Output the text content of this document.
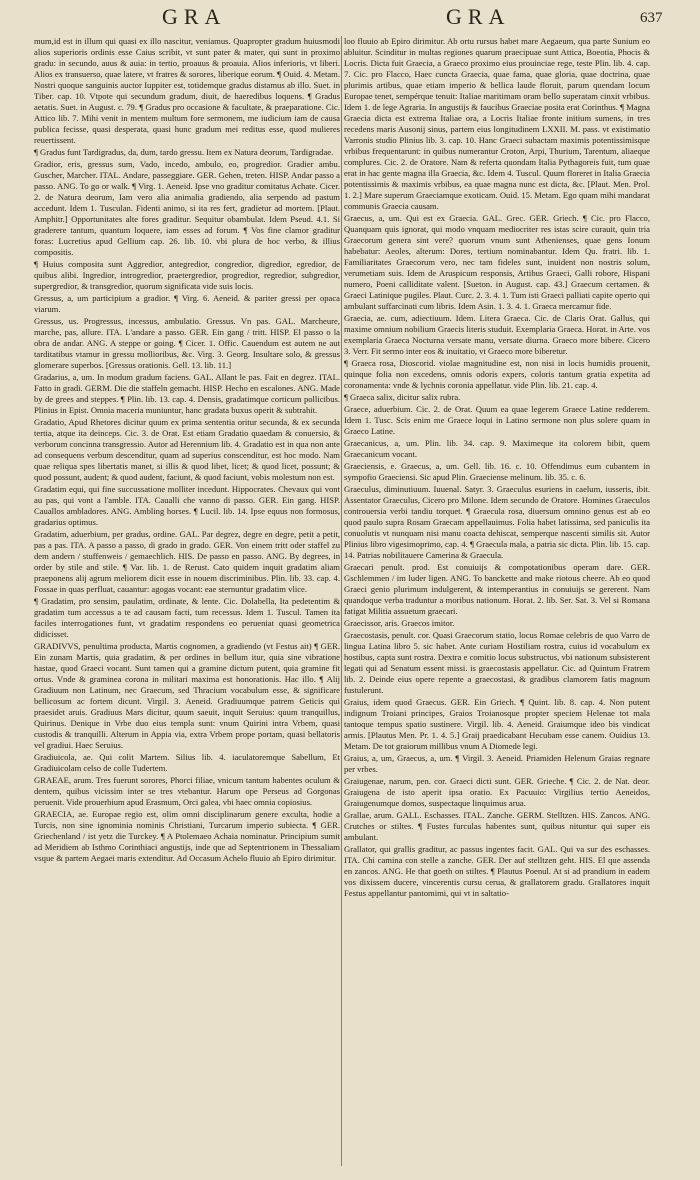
GRA	GRA	637

mum,id est in illum qui quasi ex illo nascitur, veniamus. Quapropter gradum huiusmodi alios superioris ordinis esse Caius scribit, vt sunt pater & mater, qui sunt in proximo gradu: in secundo, auus & auia: in tertio, proauus & proauia. Alios inferioris, vt liberi. Alios ex transuerso, quae latere, vt fratres & sorores, liberique eorum. ¶ Ouid. 4. Metam. Nostri quoque sanguinis auctor Iuppiter est, totidemque gradus distamus ab illo. Suet. in Tiber. cap. 10. Vtpote qui secundum gradum, diuit, de haeredibus loquens. ¶ Gradus aetatis. Suet. in August. c. 79. ¶ Gradus pro occasione & facultate, & praeparatione. Cic. Attico lib. 7. Mihi venit in mentem multum fore sermonem, me iudicium iam de causa publica fecisse, quasi desperata, quasi hunc gradum mei reditus esse, quod mulieres reuertissent.

¶ Gradus funt Tardigradus, da, dum, tardo gressu. Item ex Natura deorum, Tardigradae.

Gradior, eris, gressus sum, Vado, incedo, ambulo, eo, progredior. Gradier ambu. Guscher, Marcher. ITAL. Andare, passeggiare. GER. Gehen, treten. HISP. Andar passo a passo. ANG. To go or walk. ¶ Virg. 1. Aeneid. Ipse vno graditur comitatus Achate. Cicer. 2. de Natura deorum, Iam vero alia animalia gradiendo, alia serpendo ad pastum accedunt. Idem 1. Tusculan. Fidenti animo, si ita res fert, gradietur ad mortem. [Plaut. Amphitr.] Opportunitates alte fores graditur. Sequitur obambulat. Idem Pseud. 4.1. Si graderere tantum, quantum loquere, iam esses ad forum. ¶ Vos fine clamor graditur foras: Lucretius apud Gellium cap. 26. lib. 10. vbi plura de hoc verbo, & illius compositis.

¶ Huius composita sunt Aggredior, antegredior, congredior, digredior, egredior, de quibus alibi. Ingredior, introgredior, praetergredior, progredior, regredior, subgredior, supergredior, & transgredior, quorum significata vide suis locis.

Gressus, a, um participium a gradior. ¶ Virg. 6. Aeneid. & pariter gressi per opaca viarum.

Gressus, us. Progressus, incessus, ambulatio. Gressus. Vn pas. GAL. Marcheure, marche, pas, allure. ITA. L'andare a passo. GER. Ein gang / tritt. HISP. El passo o la obra de andar. ANG. A steppe or going. ¶ Cicer. 1. Offic. Cauendum est autem ne aut tarditatibus vtamur in gressu mollioribus, &c. Virg. 3. Georg. Insultare solo, & gressus glomerare superbos. [Gressus orationis. Gell. 13. lib. 11.]

Gradarius, a, um. In modum gradum faciens. GAL. Allant le pas. Fait en degrez. ITAL. Fatto in gradi. GERM. Die die staffeln gemacht. HISP. Hecho en escalones. ANG. Made by de grees and steppes. ¶ Plin. lib. 13. cap. 4. Densis, gradatimque corticum pollicibus. Plinius in Epist. Omnia maceria muniuntur, hanc gradata buxus operit & subtrahit.

Gradatio, Apud Rhetores dicitur quum ex prima sententia oritur secunda, & ex secunda tertia, atque ita deinceps. Cic. 3. de Orat. Est etiam Gradatio quaedam & conuersio, & verborum concinna transgressio. Autor ad Herennium lib. 4. Gradatio est in qua non ante ad consequens verbum descenditur, quam ad superius conscenditur, est hoc modo. Nam quae reliqua spes libertatis manet, si illis & quod libet, licet; & quod licet, possunt; & quod possunt, audent; & quod audent, faciunt, & quod faciunt, vobis molestum non est.

Gradatim equi, qui fine succussatione molliter incedunt. Hippocrates. Chevaux qui vont au pas, qui vont a l'amble. ITA. Caualli che vanno di passo. GER. Ein gang. HISP. Cauallos ambladores. ANG. Ambling horses. ¶ Lucil. lib. 14. Ipse equus non formosus, gradarius optimus.

Gradatim, aduerbium, per gradus, ordine. GAL. Par degrez, degre en degre, petit a petit, pas a pas. ITA. A passo a passo, di grado in grado. GER. Von einem tritt oder staffel zu dem andern / stuffenweis / gemaechlich. HIS. De passo en passo. ANG. By degrees, in order by stile and stile. ¶ Var. lib. 1. de Rerust. Cato quidem inquit gradatim aliam praeponens alij agrum meliorem dicit esse in nouem discriminibus. Plin. lib. 33. cap. 4. Fossae in quas perfluat, cauantur: agogas vocant: eae sternuntur gradatim vlice.

¶ Gradatim, pro sensim, paulatim, ordinate, & lente. Cic. Dolabella, Ita pedetentim & gradatim tum accessus a te ad causam facti, tum recessus. Idem 1. Tuscul. Tamen ita faciles interrogationes funt, vt gradatim respondens eo perueniat quasi geometrica didicisset.

GRADIVVS, penultima producta, Martis cognomen, a gradiendo (vt Festus ait) ¶ GER. Ein zunam Martis, quia gradatim, & per ordines in bellum itur, quia sine vibratione hastae, quod Graeci vocant. Sunt tamen qui a gramine dictum putent, quia gramine fit ortus. Vnde & graminea corona in militari maxima est honorationis. Hac illo. ¶ Alij Gradiuum non Latinum, nec Graecum, sed Thracium vocabulum esse, & significare bellicosum ac fortem dicunt. Virgil. 3. Aeneid. Gradiuumque patrem Geticis qui praesidet aruis. Gradiuus Mars dicitur, quum saeuit, inquit Seruius: quum tranquillus, Quirinus. Denique in Vrbe duo eius templa sunt: vnum Quirini intra Vrbem, quasi custodis & tranquilli. Alterum in Appia via, extra Vrbem prope portam, quasi bellatoris vel gradiui. Haec Seruius.

Gradiuicola, ae. Qui colit Martem. Silius lib. 4. iaculatoremque Sabellum, Et Gradiuicolam celso de colle Tudertem.

GRAEAE, arum. Tres fuerunt sorores, Phorci filiae, vnicum tantum habentes oculum & dentem, quibus vicissim inter se tres vtebantur. Harum ope Perseus ad Gorgonas peruenit. Vide prouerbium apud Erasmum, Orci galea, vbi haec omnia copiosius.

GRAECIA, ae. Europae regio est, olim omni disciplinarum genere exculta, hodie a Turcis, non sine ignominia nominis Christiani, Turcarum imperio subiecta. ¶ GER. Griechenland / ist yetz die Turckey. ¶ A Ptolemaeo Achaia nominatur. Principium sumit ad Meridiem ab Isthmo Corinthiaci angustijs, inde que ad Septentrionem in Thessaliam vsque & partem Aegaei maris extenditur. Ad Occasum Achelo fluuio ab Epiro dirimitur.

loo fluuio ab Epiro dirimitur. Ab ortu rursus habet mare Aegaeum, qua parte Sunium eo abluitur. Scinditur in multas regiones quarum praecipuae sunt Attica, Boeotia, Phocis & Locris. Dicta fuit Graecia, a Graeco proximo eius prouinciae rege, teste Plin. lib. 4. cap. 7. Cic. pro Flacco, Haec cuncta Graecia, quae fama, quae gloria, quae doctrina, quae plurimis artibus, quae etiam imperio & bellica laude floruit, parum quendam locum Europae tenet, sempérque tenuit: Italiae maritimam oram bello superatam cinxit vrbibus. Idem 1. de lege Agraria. In angustijs & faucibus Graeciae posita erat Corinthus. ¶ Magna Graecia dicta est extrema Italiae ora, a Locris Italiae fronte initium sumens, in tres recedens maris Ausonij sinus, partem eius longitudinem LXXII. M. pass. vt existimatio Varronis studio Plinius lib. 3. cap. 10. Hanc Graeci subactam maximis potentissimisque vrbibus frequentarunt: in quibus numerantur Croton, Arpi, Thurium, Tarentum, aliaeque complures. Cic. 2. de Oratore. Nam & referta quondam Italia Pythagoreis fuit, tum quae erat in hac gente magna illa Graecia, &c. Idem 4. Tuscul. Quum floreret in Italia Graecia potentissimis & maximis vrbibus, ea quae magna nunc est dicta, &c. [Plaut. Men. Prol. 1. 2.] Mare superum Graeciamque exoticam. Ouid. 15. Metam. Ego quam mihi mandarat communis Graecia causam.

Graecus, a, um. Qui est ex Graecia. GAL. Grec. GER. Griech. ¶ Cic. pro Flacco, Quanquam quis ignorat, qui modo vnquam mediocriter res istas scire curauit, quin tria Graecorum genera sint vere? quorum vnum sunt Athenienses, quae gens Ionum habebatur: Aeoles, alterum: Dores, tertium nominabantur. Idem Qu. fratri. lib. 1. Familiaritates Graecorum vero, nec tam fideles sunt, inuident non nostris solum, verumetiam suis. Idem de Aruspicum responsis, Artibus Graeci, Galli robore, Hispani numero, Poeni calliditate valent. [Sueton. in August. cap. 43.] Graecum certamen. & Graeci Latinique pugiles. Plaut. Curc. 2. 3. 4. 1. Tum isti Graeci palliati capite operto qui ambulant suffarcinati cum libris. Idem Asin. 1. 3. 4. 1. Graeca mercamur fide.

Graecia, ae. cum, adiectiuum. Idem. Litera Graeca. Cic. de Claris Orat. Gallus, qui maxime omnium nobilium Graecis literis studuit. Exemplaria Graeca. Horat. in Arte. vos exemplaria Graeca Nocturna versate manu, versate diurna. Graeco more bibere. Cicero 3. Verr. Fit sermo inter eos & inuitatio, vt Graeco more biberetur.

¶ Graeca rosa, Dioscorid. violae magnitudine est, non nisi in locis humidis prouenit, quinque folia non excedens, omnis odoris expers, coloris tantum gratia expetita ad coronamenta: vnde & lychnis coronia appellatur. vide Plin. lib. 21. cap. 4.

¶ Graeca salix, dicitur salix rubra.

Graece, aduerbium. Cic. 2. de Orat. Quum ea quae legerem Graece Latine redderem. Idem 1. Tusc. Scis enim me Graece loqui in Latino sermone non plus solere quam in Graeco Latine.

Graecanicus, a, um. Plin. lib. 34. cap. 9. Maximeque ita colorem bibit, quem Graecanicum vocant.

Graeciensis, e. Graecus, a, um. Gell. lib. 16. c. 10. Offendimus eum cubantem in sympofio Graeciensi. Sic apud Plin. Graeciense melinum. lib. 35. c. 6.

Graeculus, diminutiuum. Iuuenal. Satyr. 3. Graeculus esuriens in caelum, iusseris, ibit. Assentator Graeculus, Cicero pro Milone. Idem secundo de Oratore. Homines Graeculos controuersia verbi tandiu torquet. ¶ Graecula rosa, diuersum omnino genus est ab eo quod paulo supra Rosam Graecam appellauimus. Folia habet latissima, sed paniculis ita conuolutis vt nunquam nisi manu coacta dehiscat, semperque nascenti similis sit. Autor Plinius libro vigesimoprimo, cap. 4. ¶ Graecula mala, a patria sic dicta. Plin. lib. 15. cap. 14. Patrias nobilitauere Camerina & Graecula.

Graecari penult. prod. Est conuiuijs & compotationibus operam dare. GER. Gschlemmen / im luder ligen. ANG. To banckette and make riotous cheere. Ab eo quod Graeci genio plurimum indulgerent, & intemperantius in conuiuijs se gererent. Nam quandoque verba traduntur a moribus nationum. Horat. 2. lib. Ser. Sat. 3. Vel si Romana fatigat Militia assuetum graecari.

Graecissor, aris. Graecos imitor.

Graecostasis, penult. cor. Quasi Graecorum statio, locus Romae celebris de quo Varro de lingua Latina libro 5. sic habet. Ante curiam Hostiliam rostra, cuius id vocabulum ex hostibus, capta sunt rostra. Dextra e comitio locus substructus, vbi nationum subsisterent legati qui ad Senatum essent missi. is graecostasis appellatur. Cic. ad Quintum Fratrem lib. 2. Deinde eius opere repente a graecostasi, & gradibus clamorem fatis magnum fustulerunt.

Graius, idem quod Graecus. GER. Ein Griech. ¶ Quint. lib. 8. cap. 4. Non putent indignum Troiani principes, Graios Troianosque propter speciem Helenae tot mala tantoque tempus spatio sustinere. Virgil. lib. 4. Aeneid. Graiumque ideo bis vindicat armis. [Plautus Men. Pr. 1. 4. 5.] Graij praedicabant Hecubam esse canem. Ouidius 13. Metam. De tot graiorum millibus vnum A Diomede legi.

Graius, a, um, Graecus, a, um. ¶ Virgil. 3. Aeneid. Priamiden Helenum Graias regnare per vrbes.

Graiugenae, narum, pen. cor. Graeci dicti sunt. GER. Grieche. ¶ Cic. 2. de Nat. deor. Graiugena de isto aperit ipsa oratio. Ex Pacuuio: Virgilius tertio Aeneidos, Graiugenumque domos, suspectaque linquimus arua.

Grallae, arum. GALL. Eschasses. ITAL. Zanche. GERM. Stelltzen. HIS. Zancos. ANG. Crutches or stiltes. ¶ Fustes furculas habentes sunt, quibus nituntur qui super eis ambulant.

Grallator, qui grallis graditur, ac passus ingentes facit. GAL. Qui va sur des eschasses. ITA. Chi camina con stelle a zanche. GER. Der auf stelltzen geht. HIS. El que assenda en zancos. ANG. He that goeth on stiltes. ¶ Plautus Poenul. At si ad prandium in eadem vos dixissem ducere, vincerentis cursu cerua, & grallatorem gradu. Grallatores inquit Festus appellantur pantomimi, qui vt in saltatio-
